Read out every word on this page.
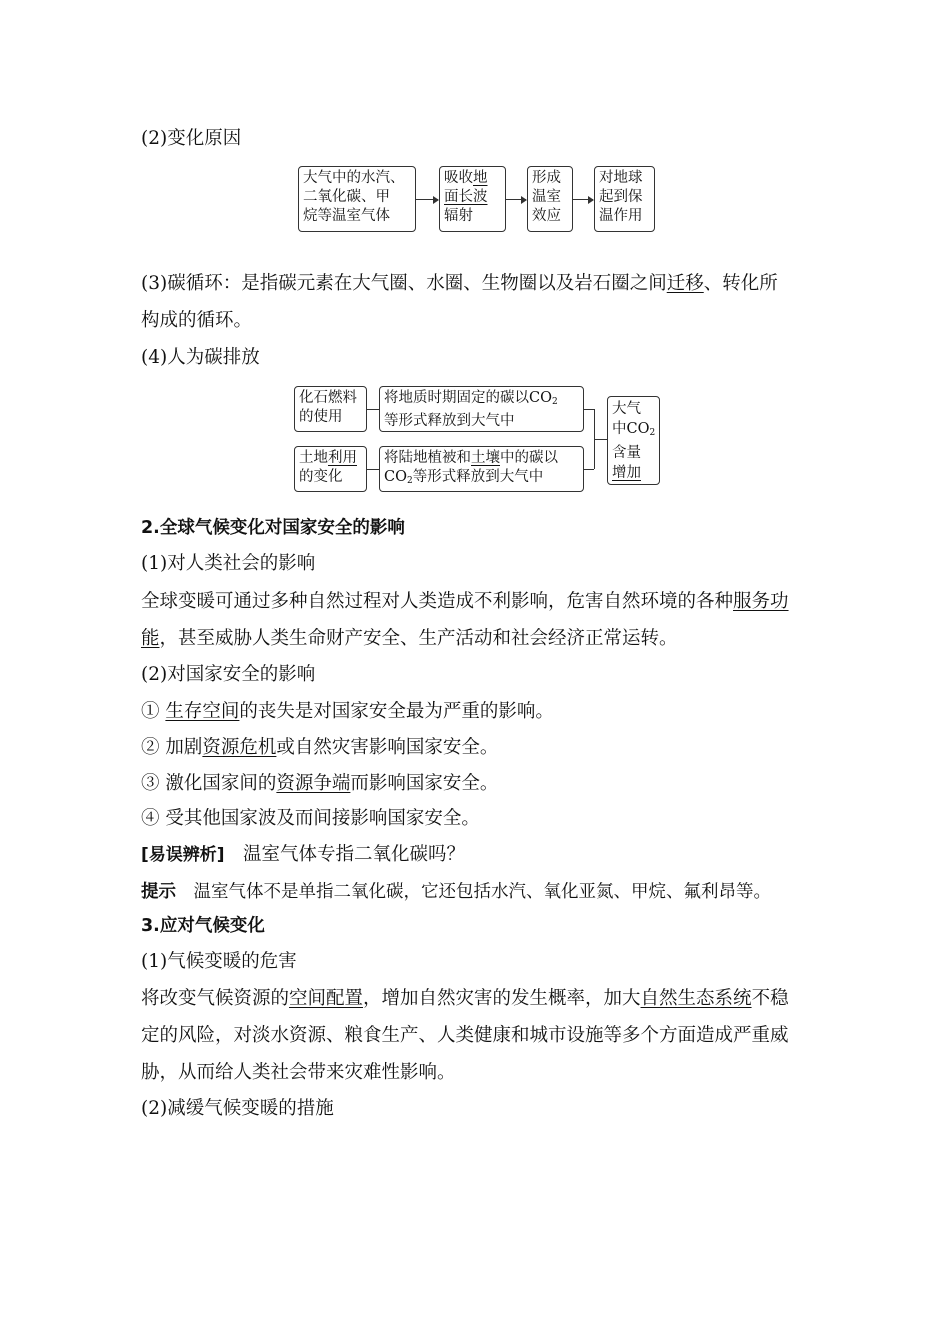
(2)变化原因
大气中的水汽、
二氧化碳、甲
烷等温室气体
吸收地
面长波
辐射
形成
温室
效应
对地球
起到保
温作用
(3)碳循环：是指碳元素在大气圈、水圈、生物圈以及岩石圈之间迁移、转化所
构成的循环。
(4)人为碳排放
化石燃料
的使用
将地质时期固定的碳以$CO_2$
等形式释放到大气中
土地利用
的变化
将陆地植被和土壤中的碳以
$CO_2$等形式释放到大气中
大气
中$CO_2$
含量
增加
2.全球气候变化对国家安全的影响
(1)对人类社会的影响
全球变暖可通过多种自然过程对人类造成不利影响，危害自然环境的各种服务功
能，甚至威胁人类生命财产安全、生产活动和社会经济正常运转。
(2)对国家安全的影响
① 生存空间的丧失是对国家安全最为严重的影响。
② 加剧资源危机或自然灾害影响国家安全。
③ 激化国家间的资源争端而影响国家安全。
④ 受其他国家波及而间接影响国家安全。
[易误辨析]　温室气体专指二氧化碳吗？
提示　温室气体不是单指二氧化碳，它还包括水汽、氧化亚氮、甲烷、氟利昂等。
3.应对气候变化
(1)气候变暖的危害
将改变气候资源的空间配置，增加自然灾害的发生概率，加大自然生态系统不稳
定的风险，对淡水资源、粮食生产、人类健康和城市设施等多个方面造成严重威
胁，从而给人类社会带来灾难性影响。
(2)减缓气候变暖的措施
